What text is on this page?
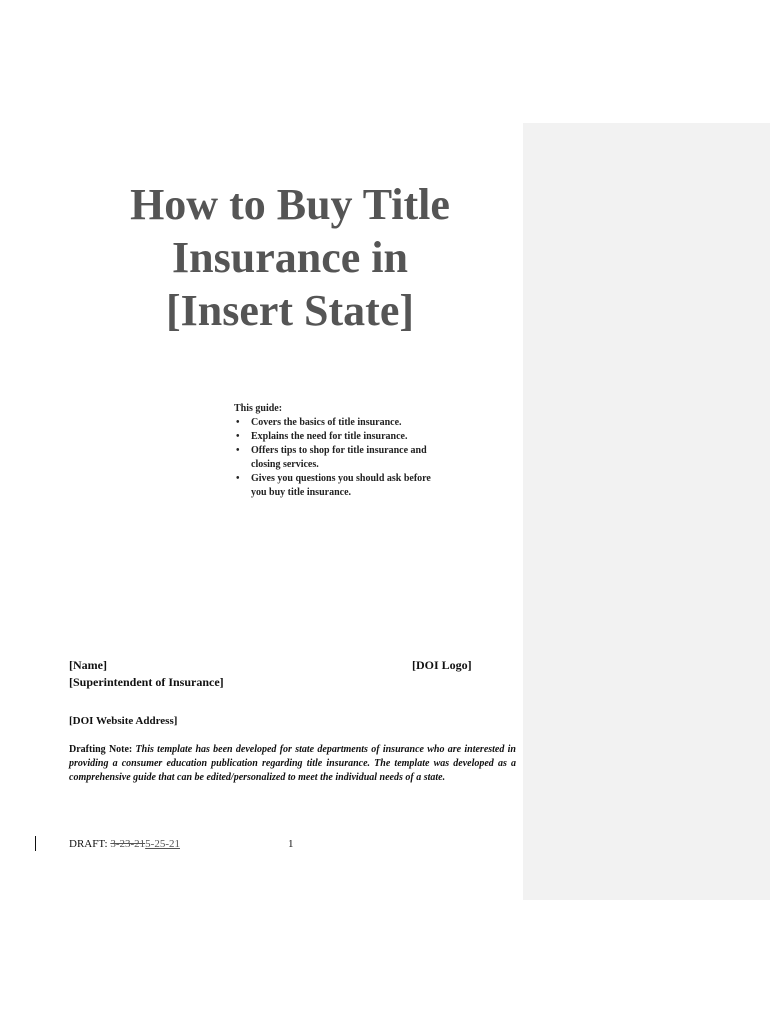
How to Buy Title
Insurance in
[Insert State]
This guide:
• Covers the basics of title insurance.
• Explains the need for title insurance.
• Offers tips to shop for title insurance and closing services.
• Gives you questions you should ask before you buy title insurance.
[Name]
[Superintendent of Insurance]
[DOI Logo]
[DOI Website Address]
Drafting Note: This template has been developed for state departments of insurance who are interested in providing a consumer education publication regarding title insurance. The template was developed as a comprehensive guide that can be edited/personalized to meet the individual needs of a state.
DRAFT: 3-23-215-25-21	1
